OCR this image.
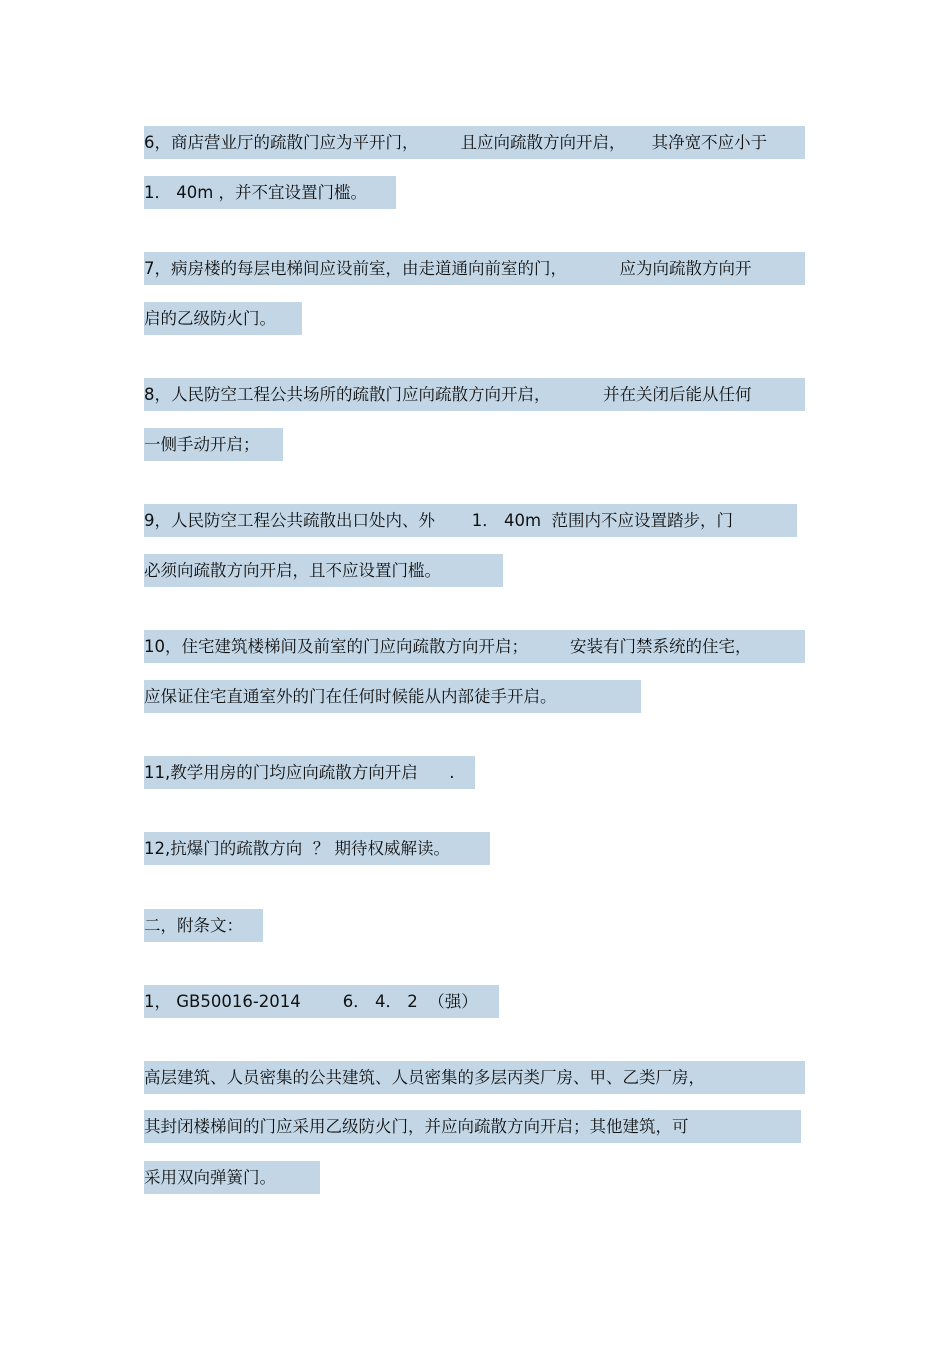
6，商店营业厅的疏散门应为平开门，        且应向疏散方向开启，     其净宽不应小于
1． 40m ，并不宜设置门槛。
7，病房楼的每层电梯间应设前室，由走道通向前室的门，          应为向疏散方向开
启的乙级防火门。
8，人民防空工程公共场所的疏散门应向疏散方向开启，          并在关闭后能从任何
一侧手动开启；
9，人民防空工程公共疏散出口处内、外       1． 40m  范围内不应设置踏步，门
必须向疏散方向开启，且不应设置门槛。
10，住宅建筑楼梯间及前室的门应向疏散方向开启；        安装有门禁系统的住宅，
应保证住宅直通室外的门在任何时候能从内部徒手开启。
11,教学用房的门均应向疏散方向开启      .
12,抗爆门的疏散方向  ？ 期待权威解读。
二，附条文：
1， GB50016-2014        6． 4． 2  （强）
高层建筑、人员密集的公共建筑、人员密集的多层丙类厂房、甲、乙类厂房，
其封闭楼梯间的门应采用乙级防火门，并应向疏散方向开启；其他建筑，可
采用双向弹簧门。
